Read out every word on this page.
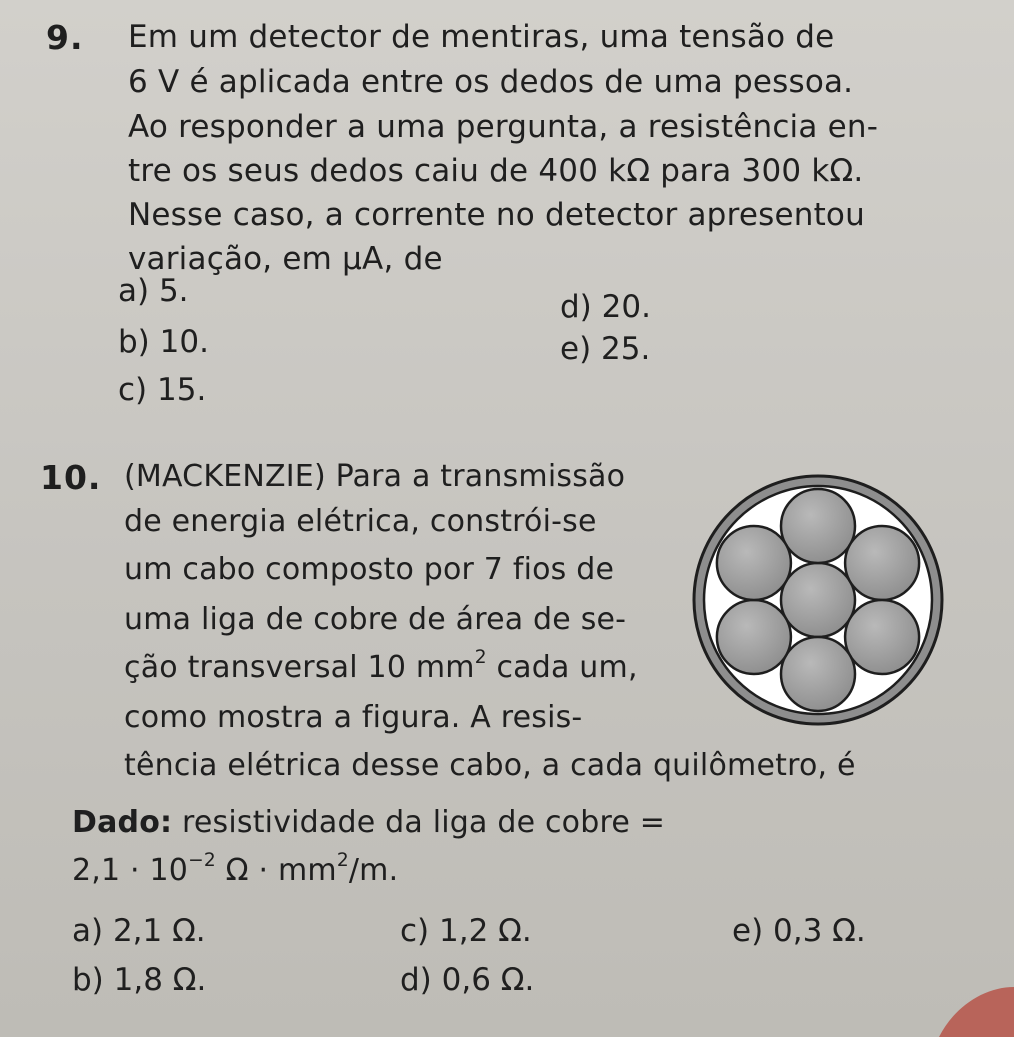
9. Em um detector de mentiras, uma tensão de
6 V é aplicada entre os dedos de uma pessoa.
Ao responder a uma pergunta, a resistência en-
tre os seus dedos caiu de 400 kΩ para 300 kΩ.
Nesse caso, a corrente no detector apresentou
variação, em μA, de
a) 5.	d) 20.
b) 10.	e) 25.
c) 15.
10. (MACKENZIE) Para a transmissão
de energia elétrica, constrói-se
um cabo composto por 7 fios de
uma liga de cobre de área de se-
ção transversal 10 $mm^2$ cada um,
como mostra a figura. A resis-
tência elétrica desse cabo, a cada quilômetro, é
Dado: resistividade da liga de cobre =
$2,1 \cdot 10^{-2}$ $\Omega \cdot mm^2/m$.
a) 2,1 Ω.	c) 1,2 Ω.	e) 0,3 Ω.
b) 1,8 Ω.	d) 0,6 Ω.
